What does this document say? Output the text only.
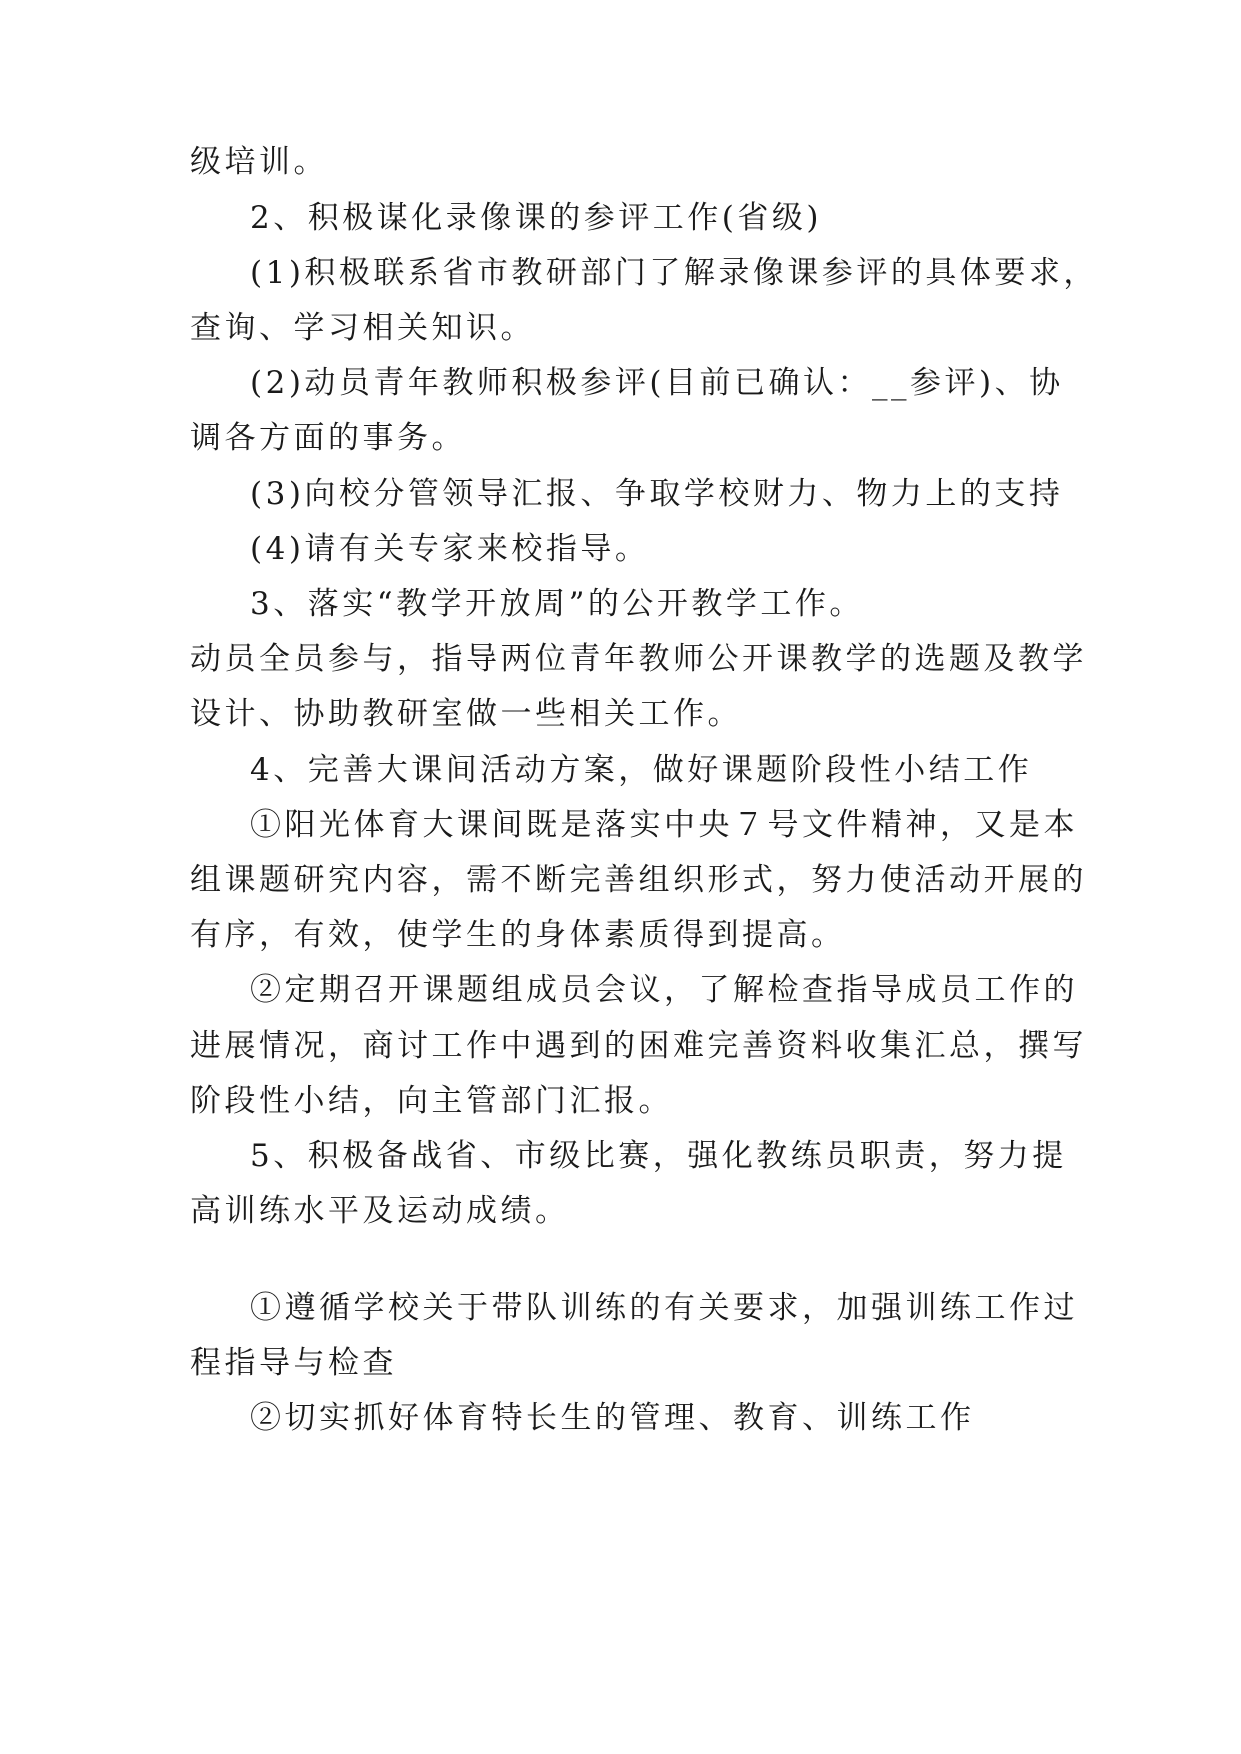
级培训。
2、积极谋化录像课的参评工作(省级)
(1)积极联系省市教研部门了解录像课参评的具体要求，
查询、学习相关知识。
(2)动员青年教师积极参评(目前已确认：__参评)、协
调各方面的事务。
(3)向校分管领导汇报、争取学校财力、物力上的支持
(4)请有关专家来校指导。
3、落实“教学开放周”的公开教学工作。
动员全员参与，指导两位青年教师公开课教学的选题及教学
设计、协助教研室做一些相关工作。
4、完善大课间活动方案，做好课题阶段性小结工作
①阳光体育大课间既是落实中央７号文件精神，又是本
组课题研究内容，需不断完善组织形式，努力使活动开展的
有序，有效，使学生的身体素质得到提高。
②定期召开课题组成员会议，了解检查指导成员工作的
进展情况，商讨工作中遇到的困难完善资料收集汇总，撰写
阶段性小结，向主管部门汇报。
5、积极备战省、市级比赛，强化教练员职责，努力提
高训练水平及运动成绩。
①遵循学校关于带队训练的有关要求，加强训练工作过
程指导与检查
②切实抓好体育特长生的管理、教育、训练工作
